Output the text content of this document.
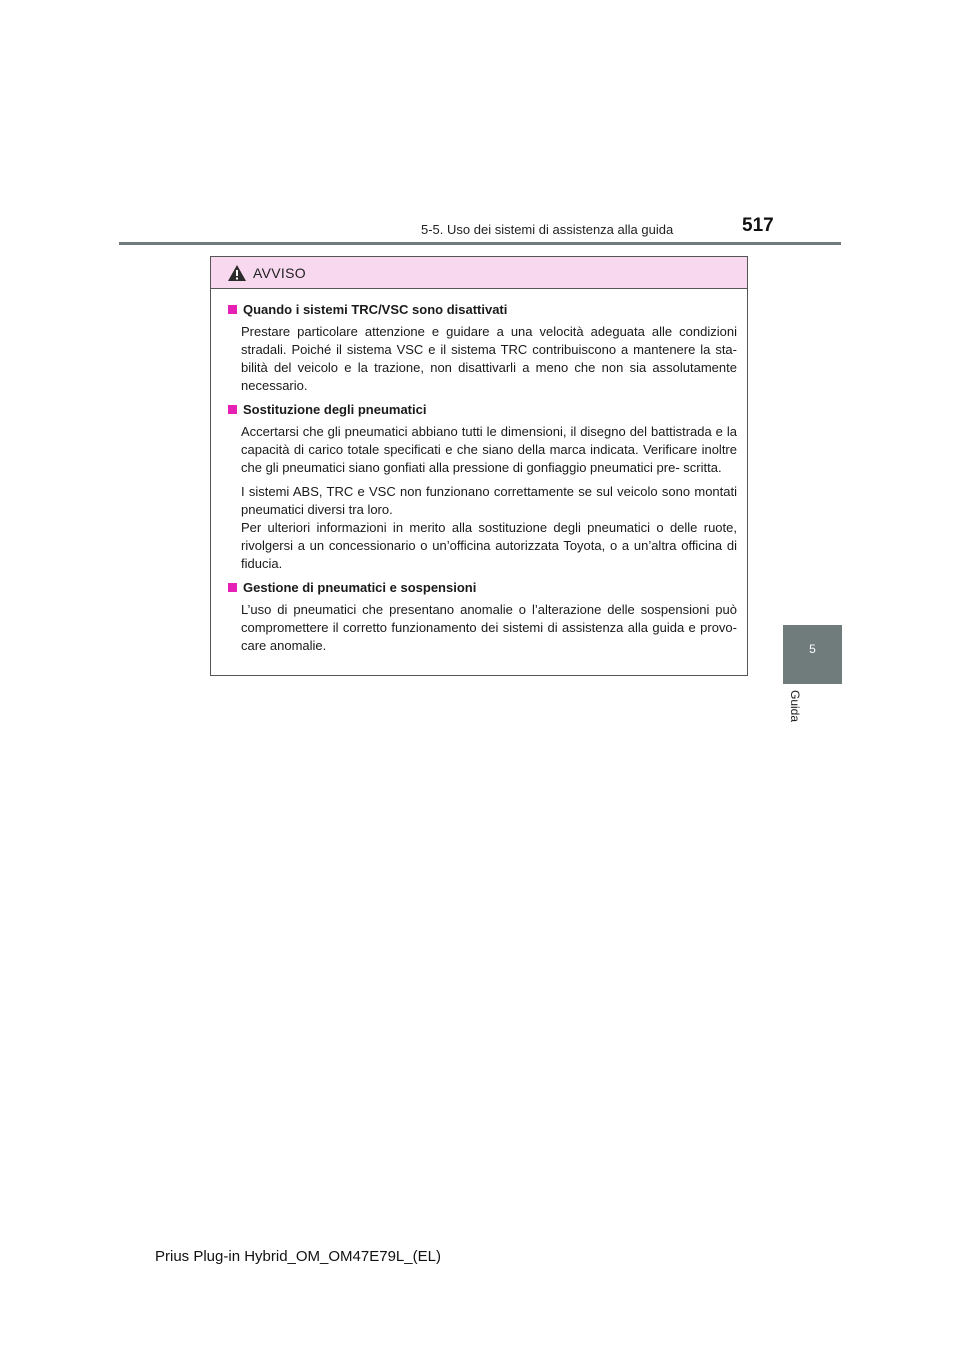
5-5. Uso dei sistemi di assistenza alla guida	517
5
Guida
AVVISO
Quando i sistemi TRC/VSC sono disattivati

Prestare particolare attenzione e guidare a una velocità adeguata alle condizioni stradali. Poiché il sistema VSC e il sistema TRC contribuiscono a mantenere la sta- bilità del veicolo e la trazione, non disattivarli a meno che non sia assolutamente necessario.

Sostituzione degli pneumatici

Accertarsi che gli pneumatici abbiano tutti le dimensioni, il disegno del battistrada e la capacità di carico totale specificati e che siano della marca indicata. Verificare inoltre che gli pneumatici siano gonfiati alla pressione di gonfiaggio pneumatici pre- scritta.

I sistemi ABS, TRC e VSC non funzionano correttamente se sul veicolo sono montati pneumatici diversi tra loro.

Per ulteriori informazioni in merito alla sostituzione degli pneumatici o delle ruote, rivolgersi a un concessionario o un’officina autorizzata Toyota, o a un’altra officina di fiducia.

Gestione di pneumatici e sospensioni

L’uso di pneumatici che presentano anomalie o l’alterazione delle sospensioni può compromettere il corretto funzionamento dei sistemi di assistenza alla guida e provo- care anomalie.

Prius Plug-in Hybrid_OM_OM47E79L_(EL)
